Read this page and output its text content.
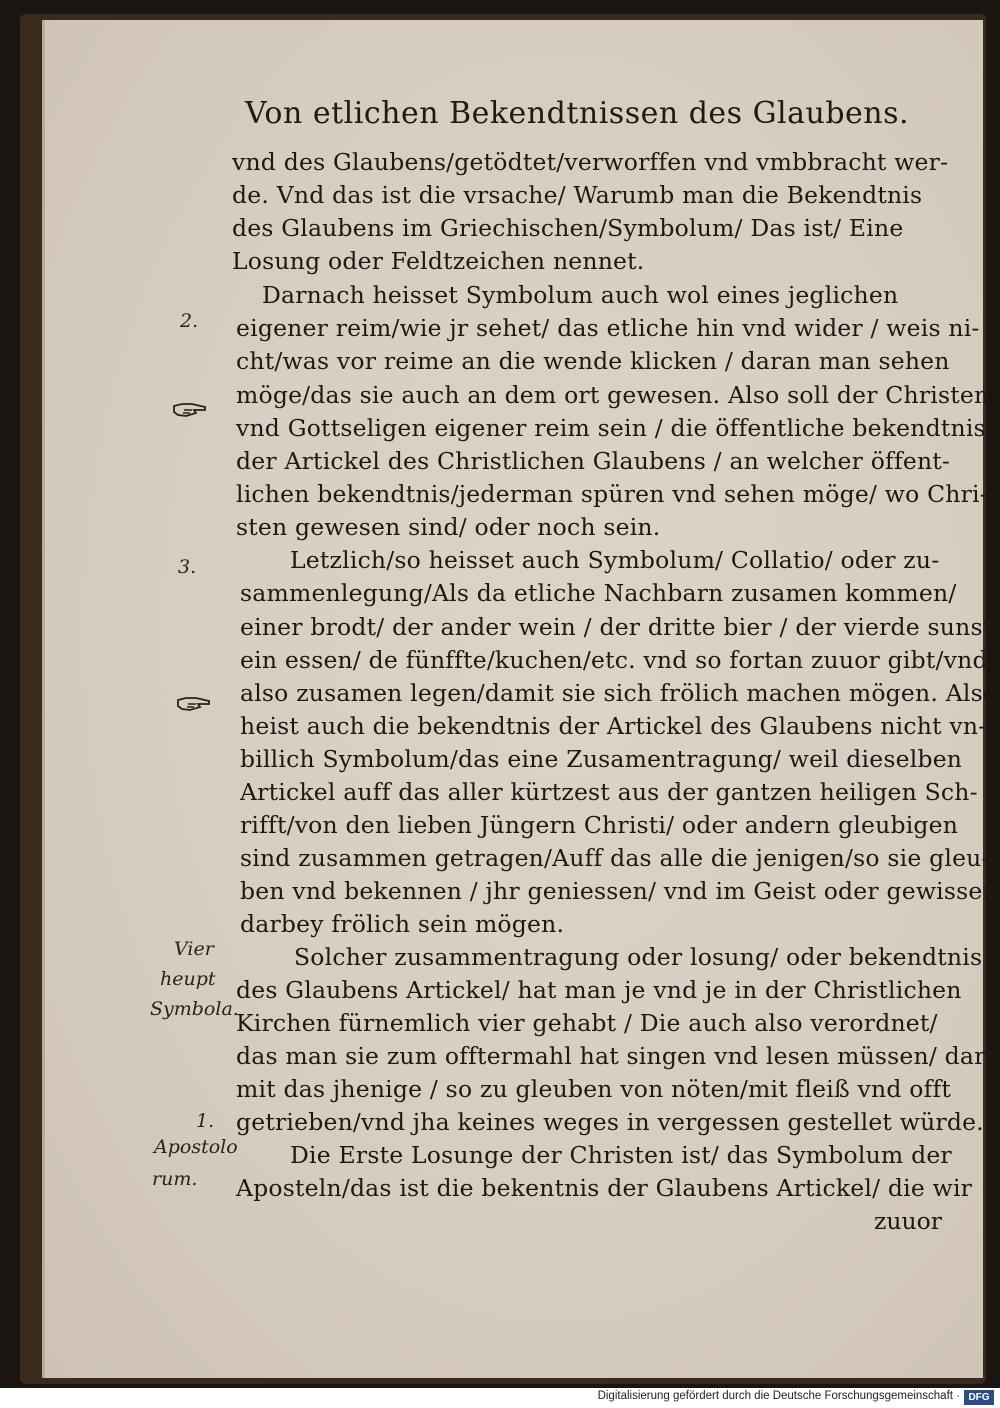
Von etlichen Bekendtnissen des Glaubens.
vnd des Glaubens/getödtet/verworffen vnd vmbbracht wer-
de. Vnd das ist die vrsache/ Warumb man die Bekendtnis
des Glaubens im Griechischen/Symbolum/ Das ist/ Eine
Losung oder Feldtzeichen nennet.
Darnach heisset Symbolum auch wol eines jeglichen
eigener reim/wie jr sehet/ das etliche hin vnd wider / weis ni-
cht/was vor reime an die wende klicken / daran man sehen
möge/das sie auch an dem ort gewesen. Also soll der Christen
vnd Gottseligen eigener reim sein / die öffentliche bekendtnis
der Artickel des Christlichen Glaubens / an welcher öffent-
lichen bekendtnis/jederman spüren vnd sehen möge/ wo Chri-
sten gewesen sind/ oder noch sein.
Letzlich/so heisset auch Symbolum/ Collatio/ oder zu-
sammenlegung/Als da etliche Nachbarn zusamen kommen/
einer brodt/ der ander wein / der dritte bier / der vierde sunst
ein essen/ de fünffte/kuchen/etc. vnd so fortan zuuor gibt/vnd
also zusamen legen/damit sie sich frölich machen mögen. Also
heist auch die bekendtnis der Artickel des Glaubens nicht vn-
billich Symbolum/das eine Zusamentragung/ weil dieselben
Artickel auff das aller kürtzest aus der gantzen heiligen Sch-
rifft/von den lieben Jüngern Christi/ oder andern gleubigen
sind zusammen getragen/Auff das alle die jenigen/so sie gleu-
ben vnd bekennen / jhr geniessen/ vnd im Geist oder gewissen
darbey frölich sein mögen.
Solcher zusammentragung oder losung/ oder bekendtnis
des Glaubens Artickel/ hat man je vnd je in der Christlichen
Kirchen fürnemlich vier gehabt / Die auch also verordnet/
das man sie zum offtermahl hat singen vnd lesen müssen/ dar-
mit das jhenige / so zu gleuben von nöten/mit fleiß vnd offt
getrieben/vnd jha keines weges in vergessen gestellet würde.
Die Erste Losunge der Christen ist/ das Symbolum der
Aposteln/das ist die bekentnis der Glaubens Artickel/ die wir
zuuor
2.
3.
Vier
heupt
Symbola.
1.
Apostolo
rum.
Digitalisierung gefördert durch die Deutsche Forschungsgemeinschaft · DFG
